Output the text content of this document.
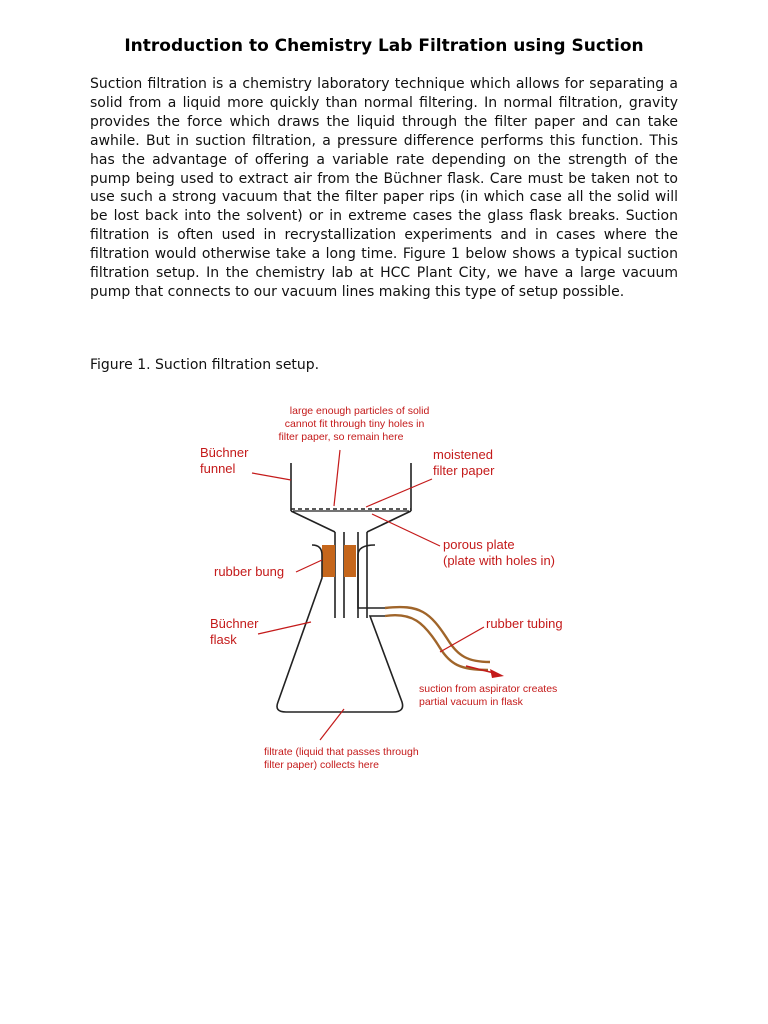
Introduction to Chemistry Lab Filtration using Suction

Suction filtration is a chemistry laboratory technique which allows for separating a solid from a liquid more quickly than normal filtering. In normal filtration, gravity provides the force which draws the liquid through the filter paper and can take awhile. But in suction filtration, a pressure difference performs this function. This has the advantage of offering a variable rate depending on the strength of the pump being used to extract air from the Büchner flask. Care must be taken not to use such a strong vacuum that the filter paper rips (in which case all the solid will be lost back into the solvent) or in extreme cases the glass flask breaks. Suction filtration is often used in recrystallization experiments and in cases where the filtration would otherwise take a long time. Figure 1 below shows a typical suction filtration setup. In the chemistry lab at HCC Plant City, we have a large vacuum pump that connects to our vacuum lines making this type of setup possible.

Figure 1. Suction filtration setup.

large enough particles of solid cannot fit through tiny holes in filter paper, so remain here
Büchner funnel
moistened filter paper
porous plate (plate with holes in)
rubber bung
Büchner flask
rubber tubing
suction from aspirator creates partial vacuum in flask
filtrate (liquid that passes through filter paper) collects here
